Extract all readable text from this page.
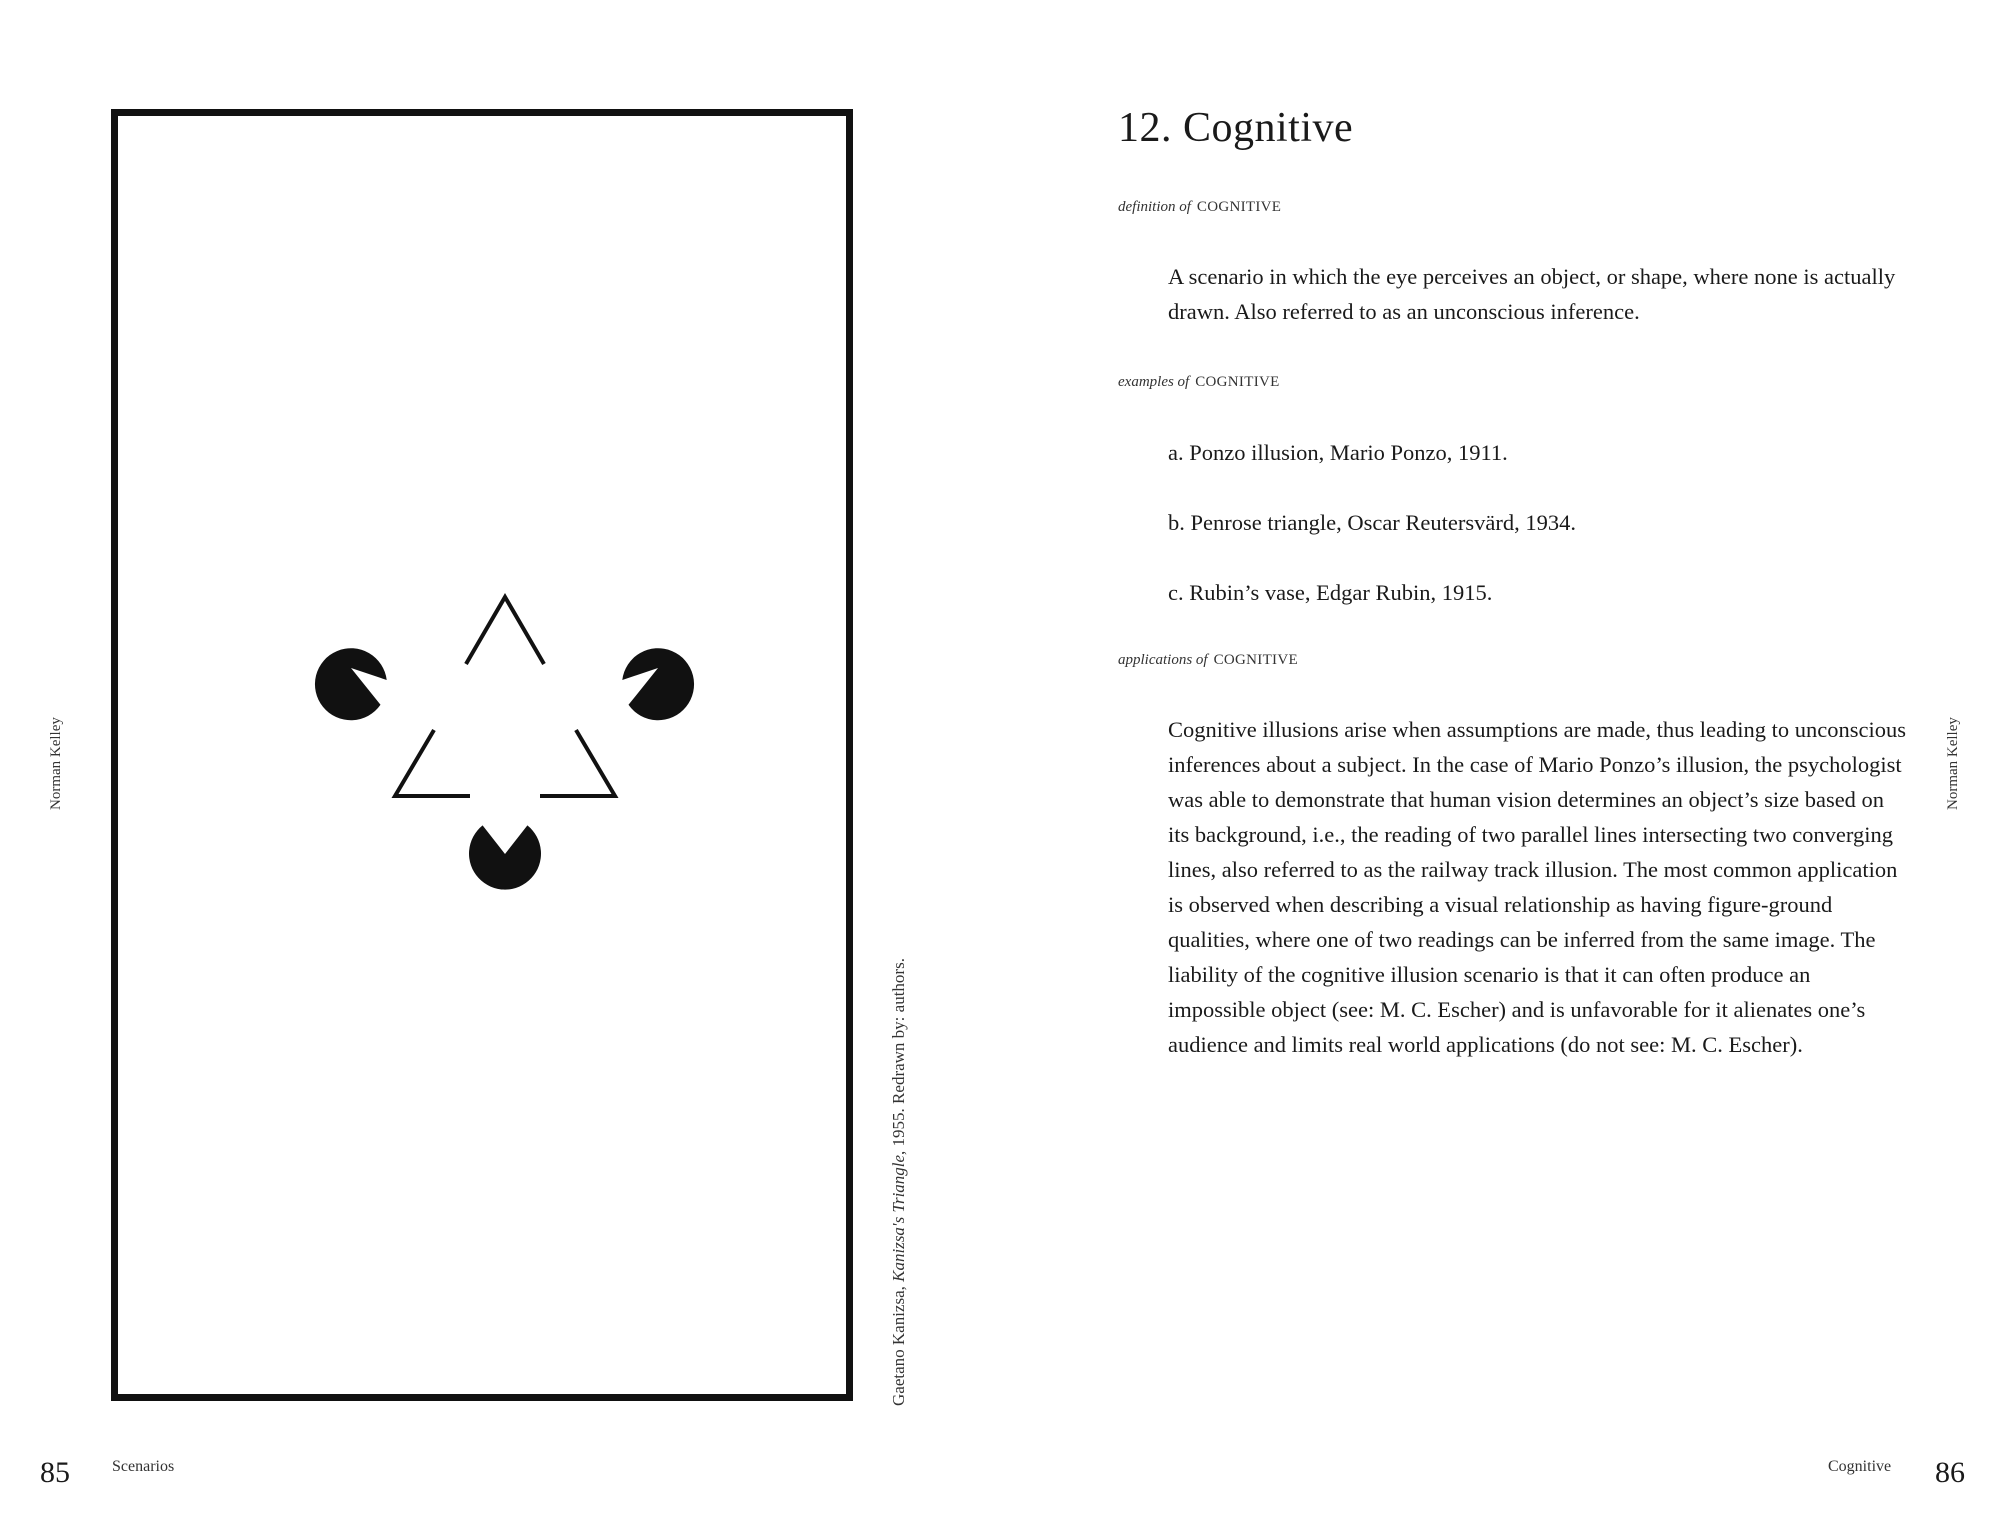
Norman Kelley
Gaetano Kanizsa, Kanizsa's Triangle, 1955. Redrawn by: authors.
85	Scenarios
12. Cognitive
definition of COGNITIVE

A scenario in which the eye perceives an object, or shape, where none is actually drawn. Also referred to as an unconscious inference.

examples of COGNITIVE
a. Ponzo illusion, Mario Ponzo, 1911.
b. Penrose triangle, Oscar Reutersvärd, 1934.
c. Rubin’s vase, Edgar Rubin, 1915.
applications of COGNITIVE

Cognitive illusions arise when assumptions are made, thus leading to unconscious inferences about a subject. In the case of Mario Ponzo’s illusion, the psychologist was able to demonstrate that human vision determines an object’s size based on its background, i.e., the reading of two parallel lines intersecting two converging lines, also referred to as the railway track illusion. The most common application is observed when describing a visual relationship as having figure-ground qualities, where one of two readings can be inferred from the same image. The liability of the cognitive illusion scenario is that it can often produce an impossible object (see: M. C. Escher) and is unfavorable for it alienates one’s audience and limits real world applications (do not see: M. C. Escher).

Norman Kelley
Cognitive 86
